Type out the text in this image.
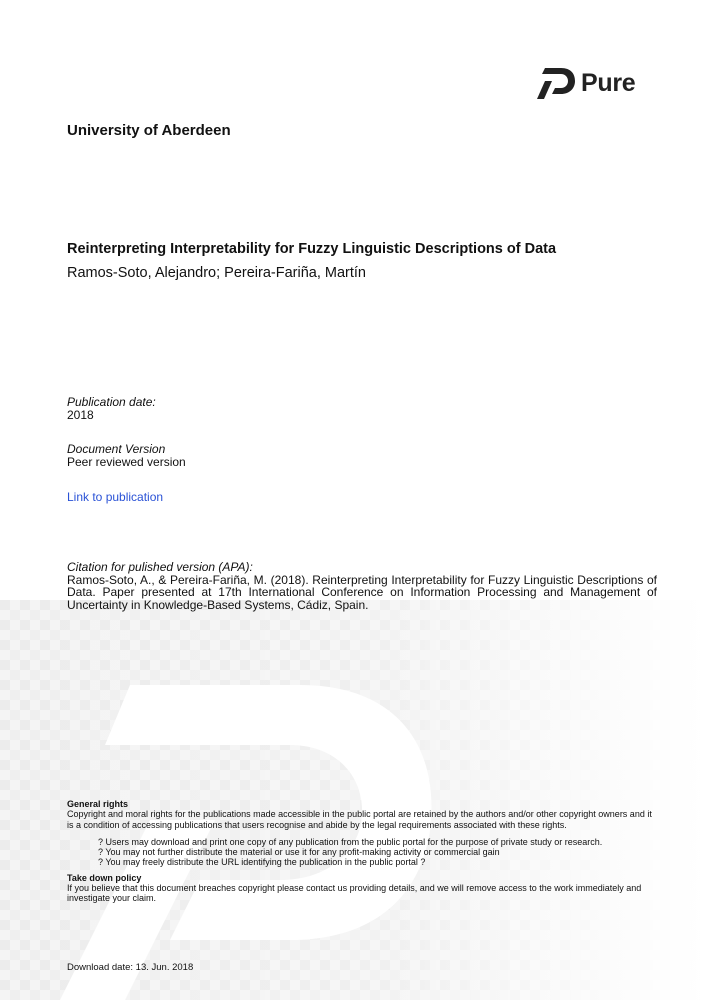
Pure
University of Aberdeen
Reinterpreting Interpretability for Fuzzy Linguistic Descriptions of Data
Ramos-Soto, Alejandro; Pereira-Fariña, Martín
Publication date:
2018
Document Version
Peer reviewed version
Link to publication
Citation for pulished version (APA):
Ramos-Soto, A., & Pereira-Fariña, M. (2018). Reinterpreting Interpretability for Fuzzy Linguistic Descriptions of Data. Paper presented at 17th International Conference on Information Processing and Management of Uncertainty in Knowledge-Based Systems, Cádiz, Spain.
General rights
Copyright and moral rights for the publications made accessible in the public portal are retained by the authors and/or other copyright owners and it is a condition of accessing publications that users recognise and abide by the legal requirements associated with these rights.
? Users may download and print one copy of any publication from the public portal for the purpose of private study or research.
? You may not further distribute the material or use it for any profit-making activity or commercial gain
? You may freely distribute the URL identifying the publication in the public portal ?
Take down policy
If you believe that this document breaches copyright please contact us providing details, and we will remove access to the work immediately and investigate your claim.
Download date: 13. Jun. 2018
